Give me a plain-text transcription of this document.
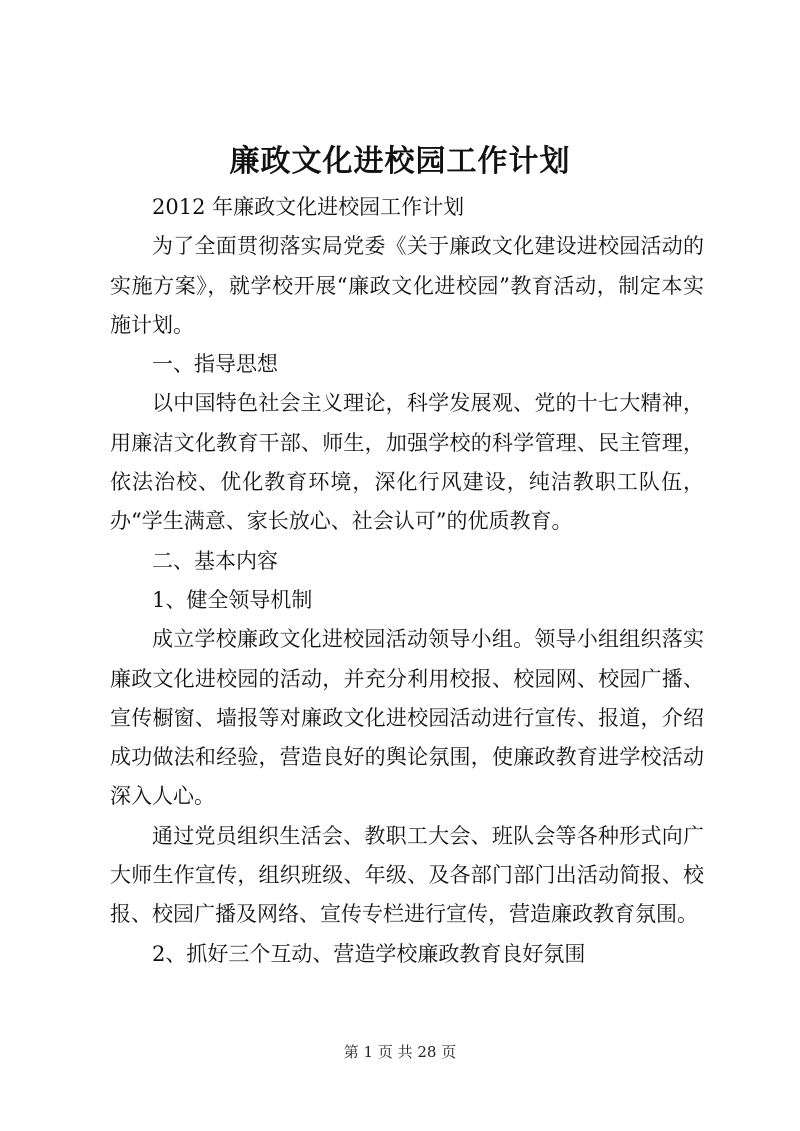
廉政文化进校园工作计划

2012 年廉政文化进校园工作计划

为了全面贯彻落实局党委《关于廉政文化建设进校园活动的实施方案》，就学校开展“廉政文化进校园”教育活动，制定本实施计划。

一、指导思想

以中国特色社会主义理论，科学发展观、党的十七大精神，用廉洁文化教育干部、师生，加强学校的科学管理、民主管理，依法治校、优化教育环境，深化行风建设，纯洁教职工队伍，办“学生满意、家长放心、社会认可”的优质教育。

二、基本内容

1、健全领导机制

成立学校廉政文化进校园活动领导小组。领导小组组织落实廉政文化进校园的活动，并充分利用校报、校园网、校园广播、宣传橱窗、墙报等对廉政文化进校园活动进行宣传、报道，介绍成功做法和经验，营造良好的舆论氛围，使廉政教育进学校活动深入人心。

通过党员组织生活会、教职工大会、班队会等各种形式向广大师生作宣传，组织班级、年级、及各部门部门出活动简报、校报、校园广播及网络、宣传专栏进行宣传，营造廉政教育氛围。

2、抓好三个互动、营造学校廉政教育良好氛围

第 1 页 共 28 页
